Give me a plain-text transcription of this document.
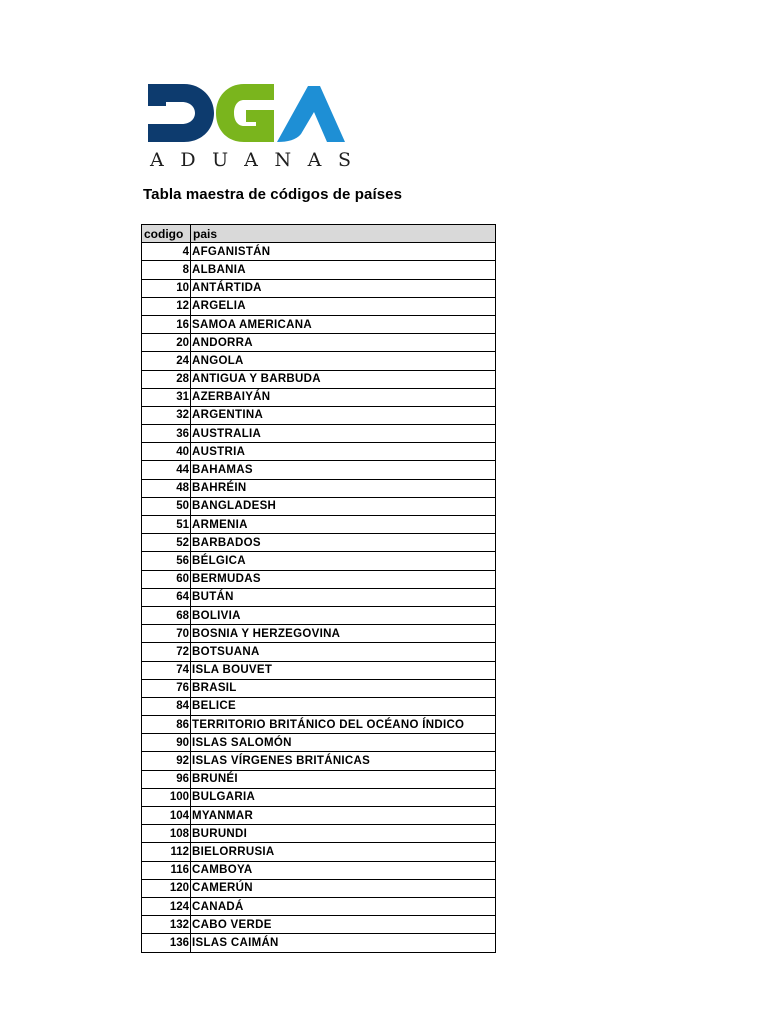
ADUANAS
Tabla maestra de códigos de países
codigo	pais
4	AFGANISTÁN
8	ALBANIA
10	ANTÁRTIDA
12	ARGELIA
16	SAMOA AMERICANA
20	ANDORRA
24	ANGOLA
28	ANTIGUA Y BARBUDA
31	AZERBAIYÁN
32	ARGENTINA
36	AUSTRALIA
40	AUSTRIA
44	BAHAMAS
48	BAHRÉIN
50	BANGLADESH
51	ARMENIA
52	BARBADOS
56	BÉLGICA
60	BERMUDAS
64	BUTÁN
68	BOLIVIA
70	BOSNIA Y HERZEGOVINA
72	BOTSUANA
74	ISLA BOUVET
76	BRASIL
84	BELICE
86	TERRITORIO BRITÁNICO DEL OCÉANO ÍNDICO
90	ISLAS SALOMÓN
92	ISLAS VÍRGENES BRITÁNICAS
96	BRUNÉI
100	BULGARIA
104	MYANMAR
108	BURUNDI
112	BIELORRUSIA
116	CAMBOYA
120	CAMERÚN
124	CANADÁ
132	CABO VERDE
136	ISLAS CAIMÁN
